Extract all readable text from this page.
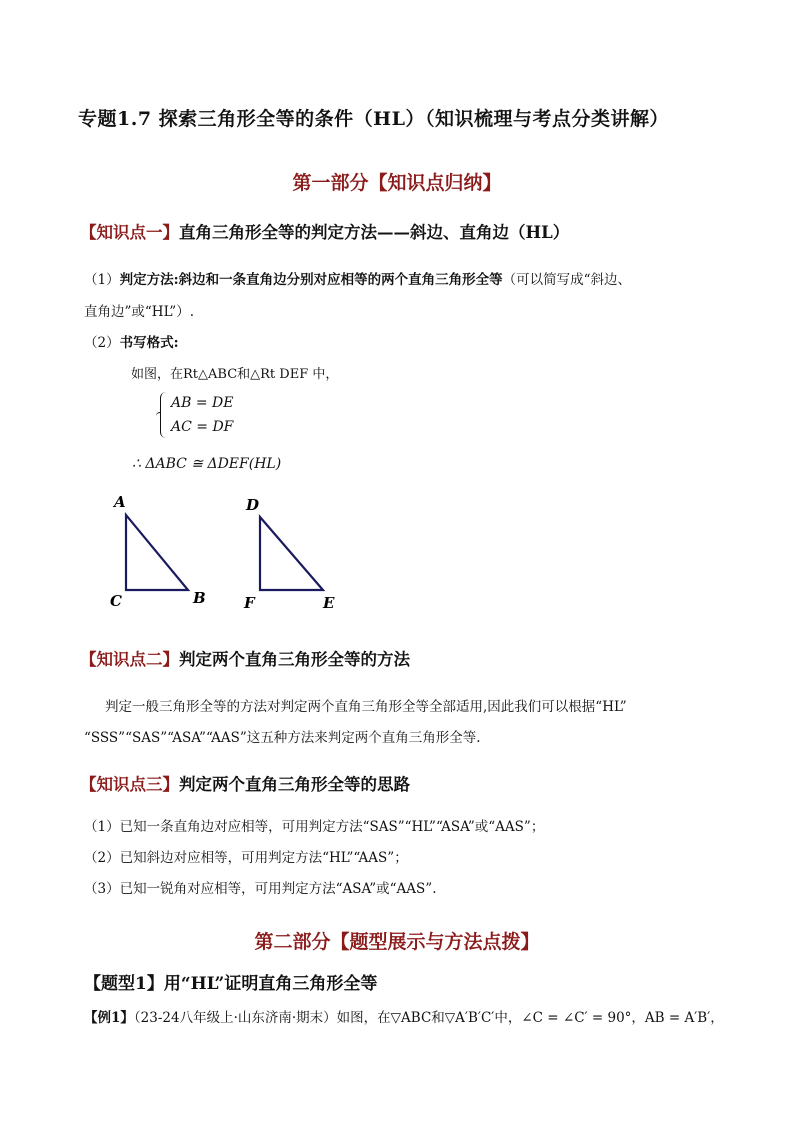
专题1.7 探索三角形全等的条件（HL）（知识梳理与考点分类讲解）
第一部分【知识点归纳】
【知识点一】直角三角形全等的判定方法——斜边、直角边（HL）
（1）判定方法:斜边和一条直角边分别对应相等的两个直角三角形全等（可以简写成“斜边、
直角边”或“HL”）.
（2）书写格式:
如图，在Rt△ABC和△Rt DEF 中，
AB = DE
AC = DF
∴ ΔABC ≅ ΔDEF(HL)
A
B
C
D
E
F
【知识点二】判定两个直角三角形全等的方法
判定一般三角形全等的方法对判定两个直角三角形全等全部适用,因此我们可以根据“HL”
“SSS”“SAS”“ASA”“AAS”这五种方法来判定两个直角三角形全等.
【知识点三】判定两个直角三角形全等的思路
（1）已知一条直角边对应相等，可用判定方法“SAS”“HL”“ASA”或“AAS”；
（2）已知斜边对应相等，可用判定方法“HL”“AAS”；
（3）已知一锐角对应相等，可用判定方法“ASA”或“AAS”.
第二部分【题型展示与方法点拨】
【题型1】用“HL”证明直角三角形全等
【例1】（23-24八年级上·山东济南·期末）如图，在▽ABC和▽A′B′C′中，∠C = ∠C′ = 90°，AB = A′B′，
